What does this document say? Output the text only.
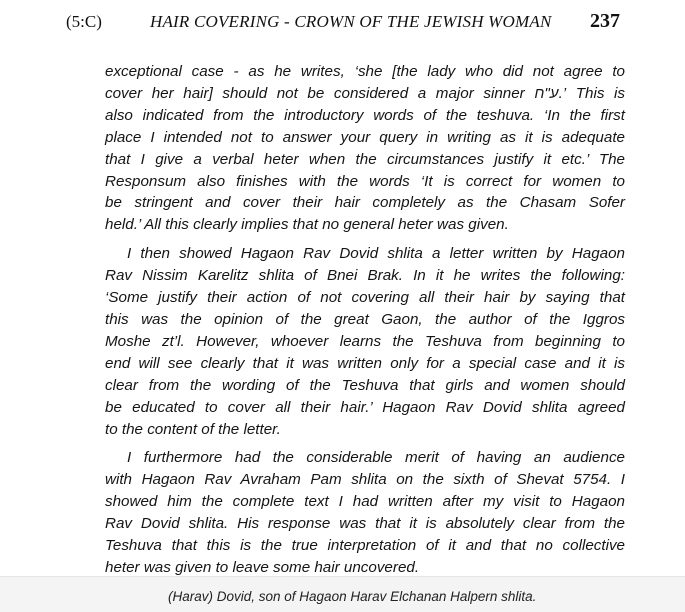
(5:C)	HAIR COVERING - CROWN OF THE JEWISH WOMAN 237

exceptional case - as he writes, ‘she [the lady who did not agree to
cover her hair] should not be considered a major sinner ע"ח.’ This is
also indicated from the introductory words of the teshuva. ‘In the first
place I intended not to answer your query in writing as it is adequate
that I give a verbal heter when the circumstances justify it etc.’ The
Responsum also finishes with the words ‘It is correct for women to
be stringent and cover their hair completely as the Chasam Sofer
held.’ All this clearly implies that no general heter was given.

I then showed Hagaon Rav Dovid shlita a letter written by Hagaon
Rav Nissim Karelitz shlita of Bnei Brak. In it he writes the following:
‘Some justify their action of not covering all their hair by saying that
this was the opinion of the great Gaon, the author of the Iggros
Moshe zt’l. However, whoever learns the Teshuva from beginning to
end will see clearly that it was written only for a special case and it is
clear from the wording of the Teshuva that girls and women should
be educated to cover all their hair.’ Hagaon Rav Dovid shlita agreed
to the content of the letter.

I furthermore had the considerable merit of having an audience
with Hagaon Rav Avraham Pam shlita on the sixth of Shevat 5754. I
showed him the complete text I had written after my visit to Hagaon
Rav Dovid shlita. His response was that it is absolutely clear from the
Teshuva that this is the true interpretation of it and that no collective
heter was given to leave some hair uncovered.

(Harav) Dovid, son of Hagaon Harav Elchanan Halpern shlita.
